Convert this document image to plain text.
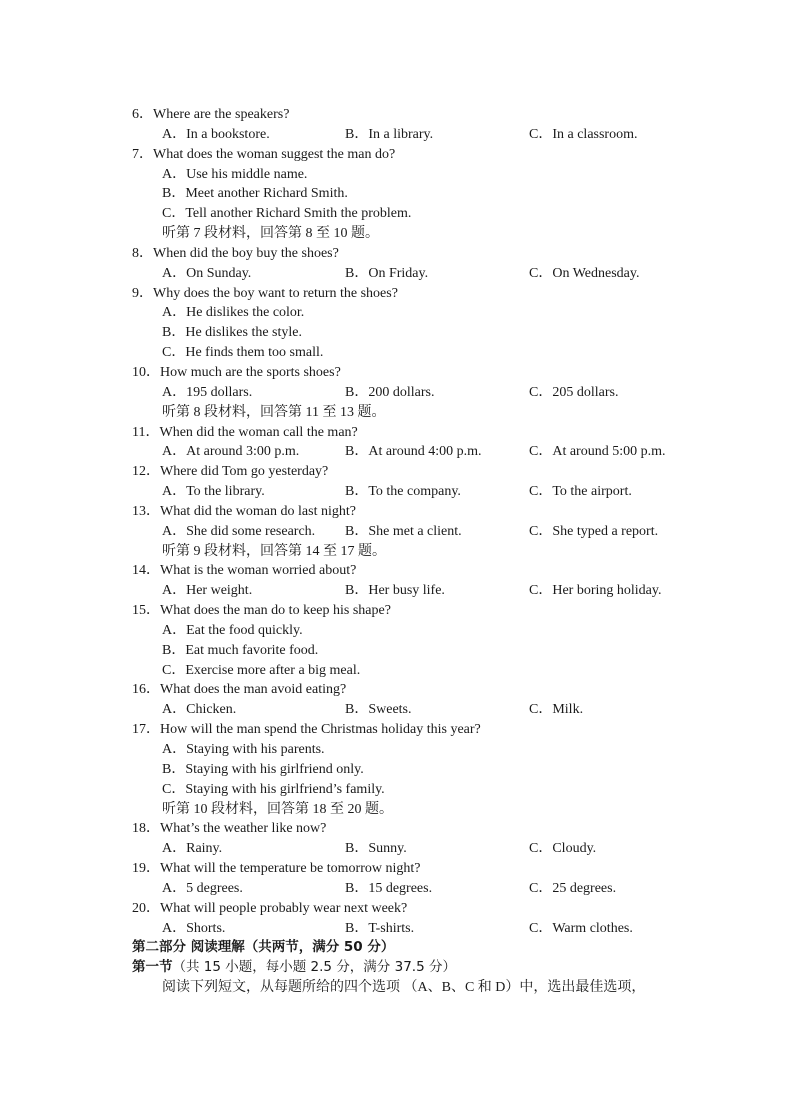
6．Where are the speakers?
A．In a bookstore.	B．In a library.	C．In a classroom.
7．What does the woman suggest the man do?
A．Use his middle name.
B．Meet another Richard Smith.
C．Tell another Richard Smith the problem.
听第 7 段材料，回答第 8 至 10 题。
8．When did the boy buy the shoes?
A．On Sunday.	B．On Friday.	C．On Wednesday.
9．Why does the boy want to return the shoes?
A．He dislikes the color.
B．He dislikes the style.
C．He finds them too small.
10．How much are the sports shoes?
A．195 dollars.	B．200 dollars.	C．205 dollars.
听第 8 段材料，回答第 11 至 13 题。
11．When did the woman call the man?
A．At around 3:00 p.m.	B．At around 4:00 p.m.	C．At around 5:00 p.m.
12．Where did Tom go yesterday?
A．To the library.	B．To the company.	C．To the airport.
13．What did the woman do last night?
A．She did some research. B．She met a client.	C．She typed a report.
听第 9 段材料，回答第 14 至 17 题。
14．What is the woman worried about?
A．Her weight.	B．Her busy life.	C．Her boring holiday.
15．What does the man do to keep his shape?
A．Eat the food quickly.
B．Eat much favorite food.
C．Exercise more after a big meal.
16．What does the man avoid eating?
A．Chicken.	B．Sweets.	C．Milk.
17．How will the man spend the Christmas holiday this year?
A．Staying with his parents.
B．Staying with his girlfriend only.
C．Staying with his girlfriend’s family.
听第 10 段材料，回答第 18 至 20 题。
18．What’s the weather like now?
A．Rainy.	B．Sunny.	C．Cloudy.
19．What will the temperature be tomorrow night?
A．5 degrees.	B．15 degrees.	C．25 degrees.
20．What will people probably wear next week?
A．Shorts.	B．T-shirts.	C．Warm clothes.
第二部分 阅读理解（共两节，满分 50 分）
第一节（共 15 小题，每小题 2.5 分，满分 37.5 分）
阅读下列短文，从每题所给的四个选项 （A、B、C 和 D）中，选出最佳选项，
